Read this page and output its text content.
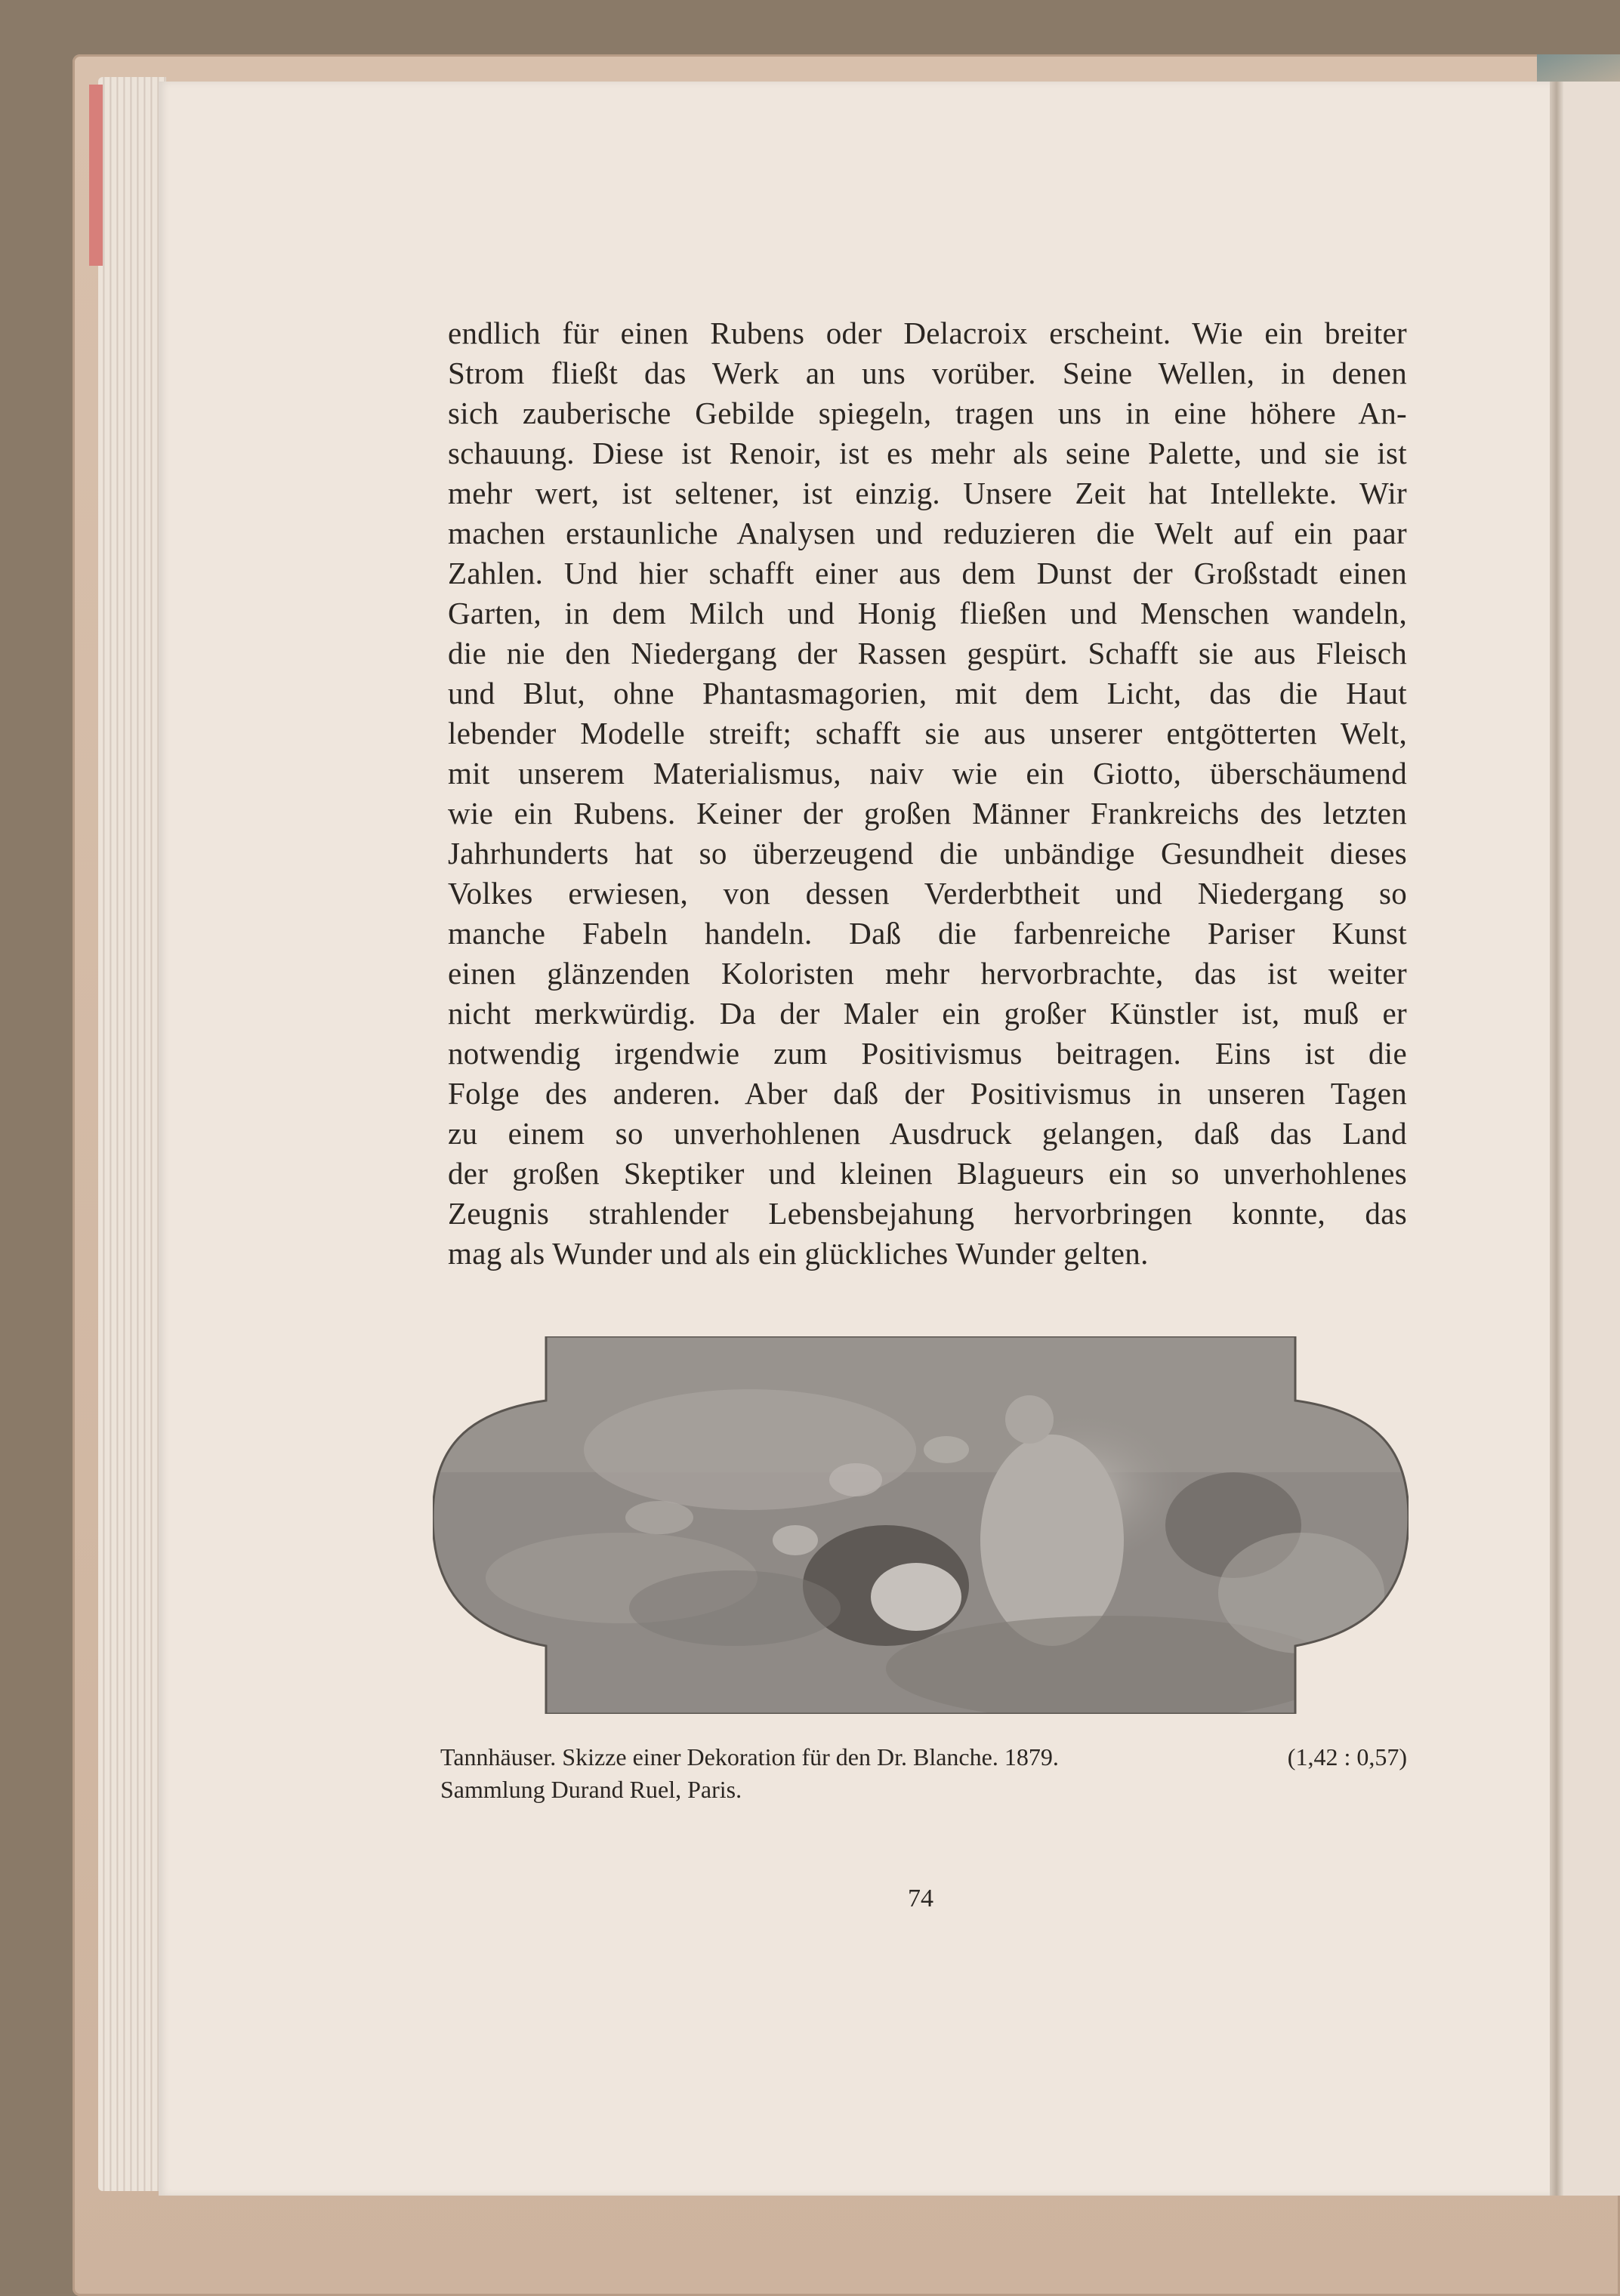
endlich für einen Rubens oder Delacroix erscheint. Wie ein breiter
Strom fließt das Werk an uns vorüber. Seine Wellen, in denen
sich zauberische Gebilde spiegeln, tragen uns in eine höhere An-
schauung. Diese ist Renoir, ist es mehr als seine Palette, und sie ist
mehr wert, ist seltener, ist einzig. Unsere Zeit hat Intellekte. Wir
machen erstaunliche Analysen und reduzieren die Welt auf ein paar
Zahlen. Und hier schafft einer aus dem Dunst der Großstadt einen
Garten, in dem Milch und Honig fließen und Menschen wandeln,
die nie den Niedergang der Rassen gespürt. Schafft sie aus Fleisch
und Blut, ohne Phantasmagorien, mit dem Licht, das die Haut
lebender Modelle streift; schafft sie aus unserer entgötterten Welt,
mit unserem Materialismus, naiv wie ein Giotto, überschäumend
wie ein Rubens. Keiner der großen Männer Frankreichs des letzten
Jahrhunderts hat so überzeugend die unbändige Gesundheit dieses
Volkes erwiesen, von dessen Verderbtheit und Niedergang so
manche Fabeln handeln. Daß die farbenreiche Pariser Kunst
einen glänzenden Koloristen mehr hervorbrachte, das ist weiter
nicht merkwürdig. Da der Maler ein großer Künstler ist, muß er
notwendig irgendwie zum Positivismus beitragen. Eins ist die
Folge des anderen. Aber daß der Positivismus in unseren Tagen
zu einem so unverhohlenen Ausdruck gelangen, daß das Land
der großen Skeptiker und kleinen Blagueurs ein so unverhohlenes
Zeugnis strahlender Lebensbejahung hervorbringen konnte, das
mag als Wunder und als ein glückliches Wunder gelten.
Tannhäuser. Skizze einer Dekoration für den Dr. Blanche. 1879.	(1,42 : 0,57)
Sammlung Durand Ruel, Paris.
74
